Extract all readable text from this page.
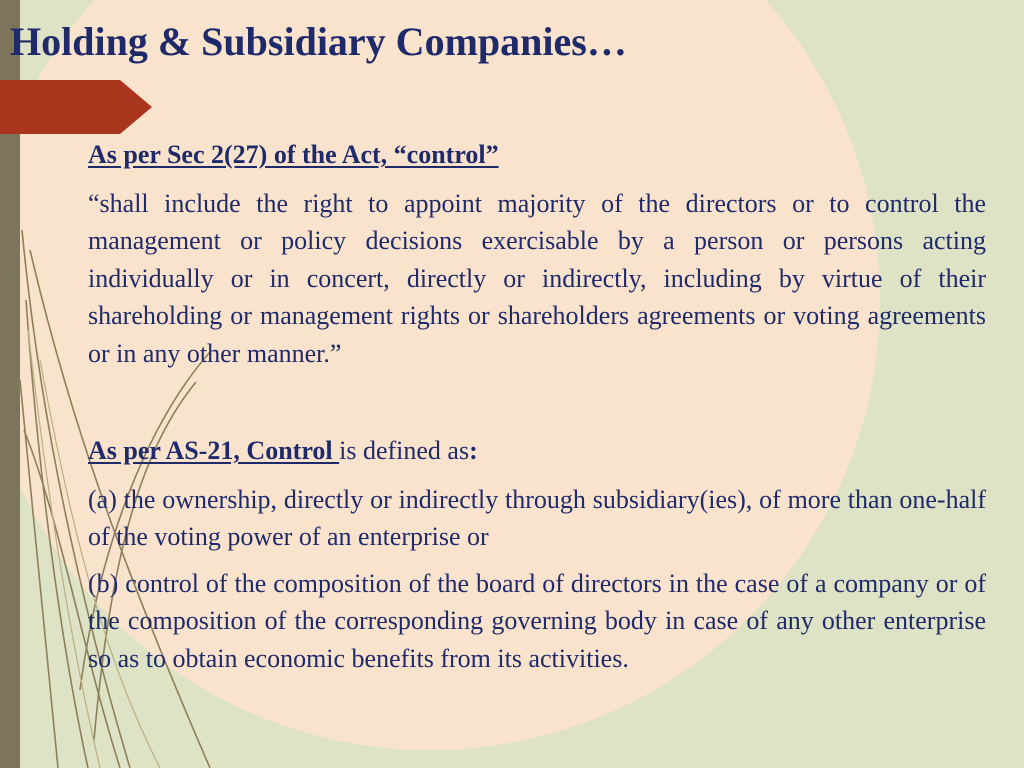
Holding & Subsidiary Companies…

As per Sec 2(27) of the Act, “control”

“shall include the right to appoint majority of the directors or to control the management or policy decisions exercisable by a person or persons acting individually or in concert, directly or indirectly, including by virtue of their shareholding or management rights or shareholders agreements or voting agreements or in any other manner.”

As per AS-21, Control is defined as:

(a) the ownership, directly or indirectly through subsidiary(ies), of more than one-half of the voting power of an enterprise or

(b) control of the composition of the board of directors in the case of a company or of the composition of the corresponding governing body in case of any other enterprise so as to obtain economic benefits from its activities.
